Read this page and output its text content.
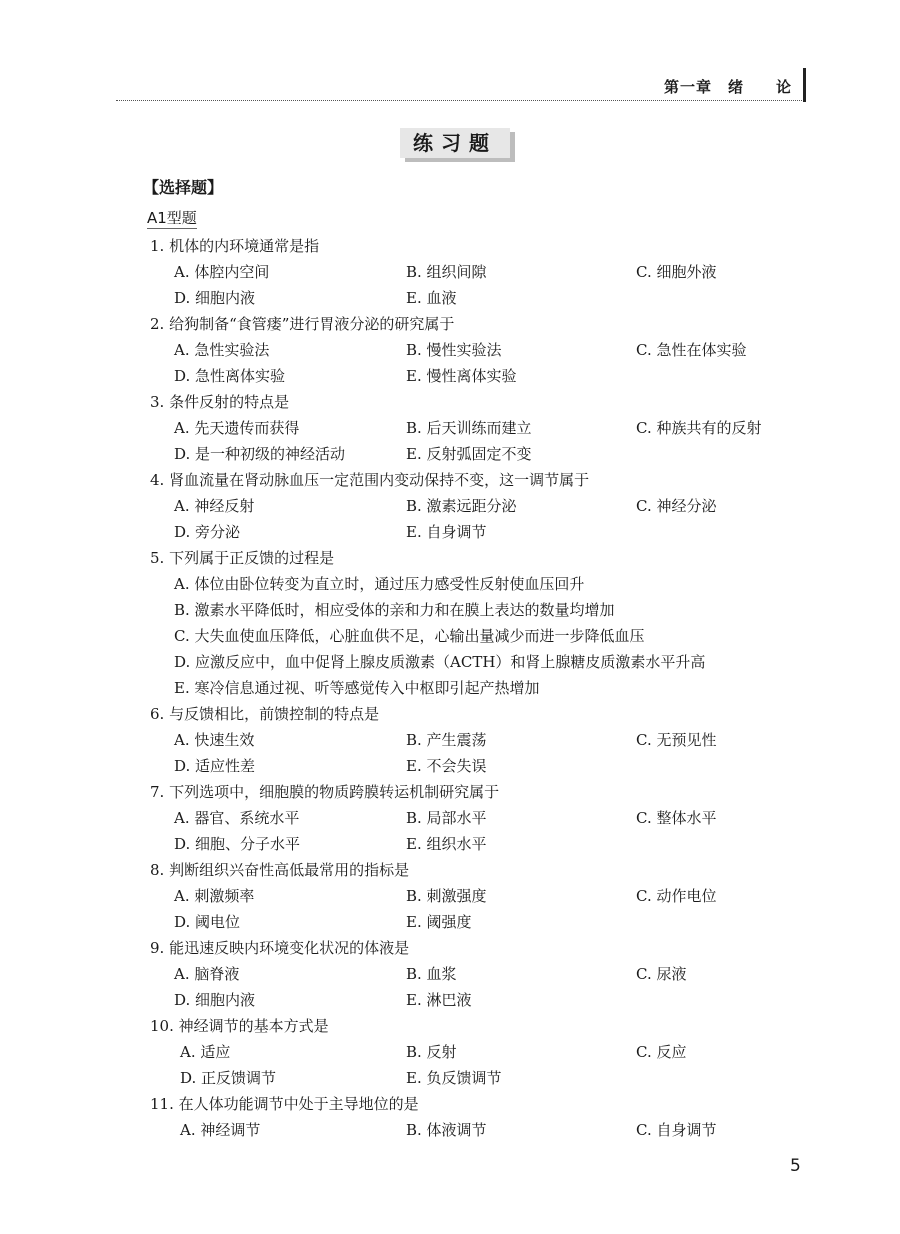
第一章　绪　　论
练习题
【选择题】
A1型题
1. 机体的内环境通常是指
A. 体腔内空间	B. 组织间隙	C. 细胞外液
D. 细胞内液	E. 血液
2. 给狗制备“食管瘘”进行胃液分泌的研究属于
A. 急性实验法	B. 慢性实验法	C. 急性在体实验
D. 急性离体实验	E. 慢性离体实验
3. 条件反射的特点是
A. 先天遗传而获得	B. 后天训练而建立	C. 种族共有的反射
D. 是一种初级的神经活动	E. 反射弧固定不变
4. 肾血流量在肾动脉血压一定范围内变动保持不变，这一调节属于
A. 神经反射	B. 激素远距分泌	C. 神经分泌
D. 旁分泌	E. 自身调节
5. 下列属于正反馈的过程是
A. 体位由卧位转变为直立时，通过压力感受性反射使血压回升
B. 激素水平降低时，相应受体的亲和力和在膜上表达的数量均增加
C. 大失血使血压降低，心脏血供不足，心输出量减少而进一步降低血压
D. 应激反应中，血中促肾上腺皮质激素（ACTH）和肾上腺糖皮质激素水平升高
E. 寒冷信息通过视、听等感觉传入中枢即引起产热增加
6. 与反馈相比，前馈控制的特点是
A. 快速生效	B. 产生震荡	C. 无预见性
D. 适应性差	E. 不会失误
7. 下列选项中，细胞膜的物质跨膜转运机制研究属于
A. 器官、系统水平	B. 局部水平	C. 整体水平
D. 细胞、分子水平	E. 组织水平
8. 判断组织兴奋性高低最常用的指标是
A. 刺激频率	B. 刺激强度	C. 动作电位
D. 阈电位	E. 阈强度
9. 能迅速反映内环境变化状况的体液是
A. 脑脊液	B. 血浆	C. 尿液
D. 细胞内液	E. 淋巴液
10. 神经调节的基本方式是
A. 适应	B. 反射	C. 反应
D. 正反馈调节	E. 负反馈调节
11. 在人体功能调节中处于主导地位的是
A. 神经调节	B. 体液调节	C. 自身调节
5
